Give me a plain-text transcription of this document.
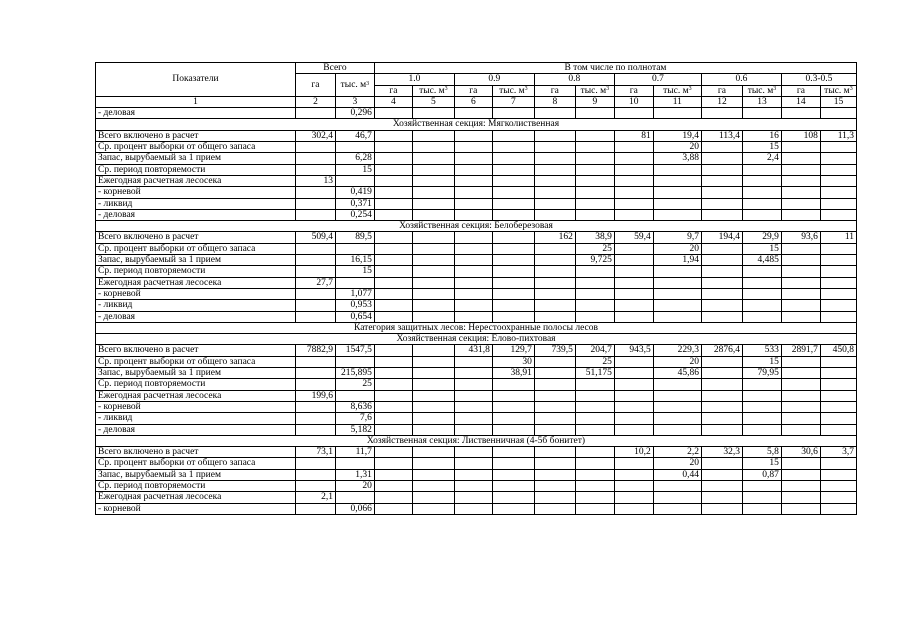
Показатели	Всего		В том числе по полнотам											
	га	тыс. $м^3$	1.0		0.9		0.8		0.7		0.6		0.3-0.5	
			га	тыс. $м^3$	га	тыс. $м^3$	га	тыс. $м^3$	га	тыс. $м^3$	га	тыс. $м^3$	га	тыс. $м^3$
1	2	3	4	5	6	7	8	9	10	11	12	13	14	15
- деловая		0,296												
Хозяйственная секция: Мягколиственная														
Всего включено в расчет	302,4	46,7							81	19,4	113,4	16	108	11,3
Ср. процент выборки от общего запаса										20		15		
Запас, вырубаемый за 1 прием		6,28								3,88		2,4		
Ср. период повторяемости		15												
Ежегодная расчетная лесосека	13													
- корневой		0,419												
- ликвид		0,371												
- деловая		0,254												
Хозяйственная секция: Белоберезовая														
Всего включено в расчет	509,4	89,5					162	38,9	59,4	9,7	194,4	29,9	93,6	11
Ср. процент выборки от общего запаса								25		20		15		
Запас, вырубаемый за 1 прием		16,15						9,725		1,94		4,485		
Ср. период повторяемости		15												
Ежегодная расчетная лесосека	27,7													
- корневой		1,077												
- ликвид		0,953												
- деловая		0,654												
Категория защитных лесов: Нерестоохранные полосы лесов														
Хозяйственная секция: Елово-пихтовая														
Всего включено в расчет	7882,9	1547,5			431,8	129,7	739,5	204,7	943,5	229,3	2876,4	533	2891,7	450,8
Ср. процент выборки от общего запаса						30		25		20		15		
Запас, вырубаемый за 1 прием		215,895				38,91		51,175		45,86		79,95		
Ср. период повторяемости		25												
Ежегодная расчетная лесосека	199,6													
- корневой		8,636												
- ликвид		7,6												
- деловая		5,182												
Хозяйственная секция: Лиственничная (4-5б бонитет)														
Всего включено в расчет	73,1	11,7							10,2	2,2	32,3	5,8	30,6	3,7
Ср. процент выборки от общего запаса										20		15		
Запас, вырубаемый за 1 прием		1,31								0,44		0,87		
Ср. период повторяемости		20												
Ежегодная расчетная лесосека	2,1													
- корневой		0,066												
